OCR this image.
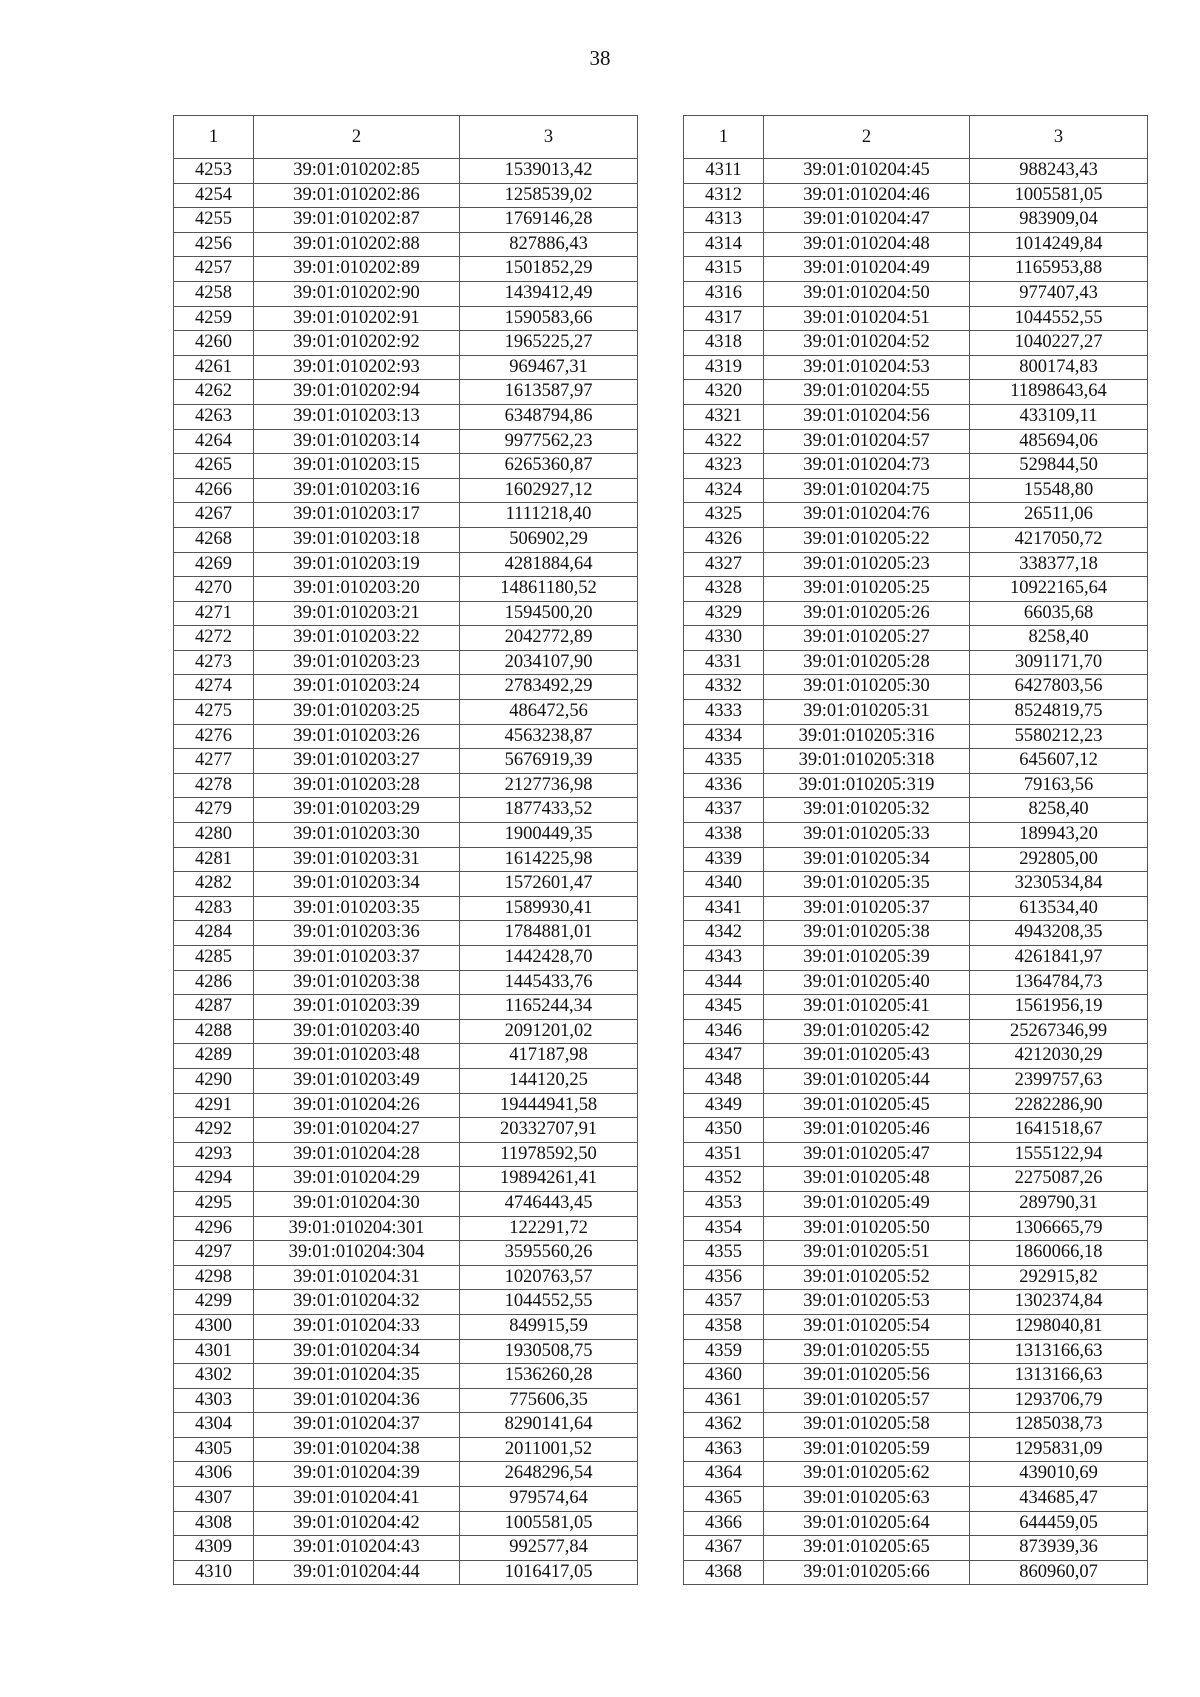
38
1	2	3
4253	39:01:010202:85	1539013,42
4254	39:01:010202:86	1258539,02
4255	39:01:010202:87	1769146,28
4256	39:01:010202:88	827886,43
4257	39:01:010202:89	1501852,29
4258	39:01:010202:90	1439412,49
4259	39:01:010202:91	1590583,66
4260	39:01:010202:92	1965225,27
4261	39:01:010202:93	969467,31
4262	39:01:010202:94	1613587,97
4263	39:01:010203:13	6348794,86
4264	39:01:010203:14	9977562,23
4265	39:01:010203:15	6265360,87
4266	39:01:010203:16	1602927,12
4267	39:01:010203:17	1111218,40
4268	39:01:010203:18	506902,29
4269	39:01:010203:19	4281884,64
4270	39:01:010203:20	14861180,52
4271	39:01:010203:21	1594500,20
4272	39:01:010203:22	2042772,89
4273	39:01:010203:23	2034107,90
4274	39:01:010203:24	2783492,29
4275	39:01:010203:25	486472,56
4276	39:01:010203:26	4563238,87
4277	39:01:010203:27	5676919,39
4278	39:01:010203:28	2127736,98
4279	39:01:010203:29	1877433,52
4280	39:01:010203:30	1900449,35
4281	39:01:010203:31	1614225,98
4282	39:01:010203:34	1572601,47
4283	39:01:010203:35	1589930,41
4284	39:01:010203:36	1784881,01
4285	39:01:010203:37	1442428,70
4286	39:01:010203:38	1445433,76
4287	39:01:010203:39	1165244,34
4288	39:01:010203:40	2091201,02
4289	39:01:010203:48	417187,98
4290	39:01:010203:49	144120,25
4291	39:01:010204:26	19444941,58
4292	39:01:010204:27	20332707,91
4293	39:01:010204:28	11978592,50
4294	39:01:010204:29	19894261,41
4295	39:01:010204:30	4746443,45
4296	39:01:010204:301	122291,72
4297	39:01:010204:304	3595560,26
4298	39:01:010204:31	1020763,57
4299	39:01:010204:32	1044552,55
4300	39:01:010204:33	849915,59
4301	39:01:010204:34	1930508,75
4302	39:01:010204:35	1536260,28
4303	39:01:010204:36	775606,35
4304	39:01:010204:37	8290141,64
4305	39:01:010204:38	2011001,52
4306	39:01:010204:39	2648296,54
4307	39:01:010204:41	979574,64
4308	39:01:010204:42	1005581,05
4309	39:01:010204:43	992577,84
4310	39:01:010204:44	1016417,05
1	2	3
4311	39:01:010204:45	988243,43
4312	39:01:010204:46	1005581,05
4313	39:01:010204:47	983909,04
4314	39:01:010204:48	1014249,84
4315	39:01:010204:49	1165953,88
4316	39:01:010204:50	977407,43
4317	39:01:010204:51	1044552,55
4318	39:01:010204:52	1040227,27
4319	39:01:010204:53	800174,83
4320	39:01:010204:55	11898643,64
4321	39:01:010204:56	433109,11
4322	39:01:010204:57	485694,06
4323	39:01:010204:73	529844,50
4324	39:01:010204:75	15548,80
4325	39:01:010204:76	26511,06
4326	39:01:010205:22	4217050,72
4327	39:01:010205:23	338377,18
4328	39:01:010205:25	10922165,64
4329	39:01:010205:26	66035,68
4330	39:01:010205:27	8258,40
4331	39:01:010205:28	3091171,70
4332	39:01:010205:30	6427803,56
4333	39:01:010205:31	8524819,75
4334	39:01:010205:316	5580212,23
4335	39:01:010205:318	645607,12
4336	39:01:010205:319	79163,56
4337	39:01:010205:32	8258,40
4338	39:01:010205:33	189943,20
4339	39:01:010205:34	292805,00
4340	39:01:010205:35	3230534,84
4341	39:01:010205:37	613534,40
4342	39:01:010205:38	4943208,35
4343	39:01:010205:39	4261841,97
4344	39:01:010205:40	1364784,73
4345	39:01:010205:41	1561956,19
4346	39:01:010205:42	25267346,99
4347	39:01:010205:43	4212030,29
4348	39:01:010205:44	2399757,63
4349	39:01:010205:45	2282286,90
4350	39:01:010205:46	1641518,67
4351	39:01:010205:47	1555122,94
4352	39:01:010205:48	2275087,26
4353	39:01:010205:49	289790,31
4354	39:01:010205:50	1306665,79
4355	39:01:010205:51	1860066,18
4356	39:01:010205:52	292915,82
4357	39:01:010205:53	1302374,84
4358	39:01:010205:54	1298040,81
4359	39:01:010205:55	1313166,63
4360	39:01:010205:56	1313166,63
4361	39:01:010205:57	1293706,79
4362	39:01:010205:58	1285038,73
4363	39:01:010205:59	1295831,09
4364	39:01:010205:62	439010,69
4365	39:01:010205:63	434685,47
4366	39:01:010205:64	644459,05
4367	39:01:010205:65	873939,36
4368	39:01:010205:66	860960,07
